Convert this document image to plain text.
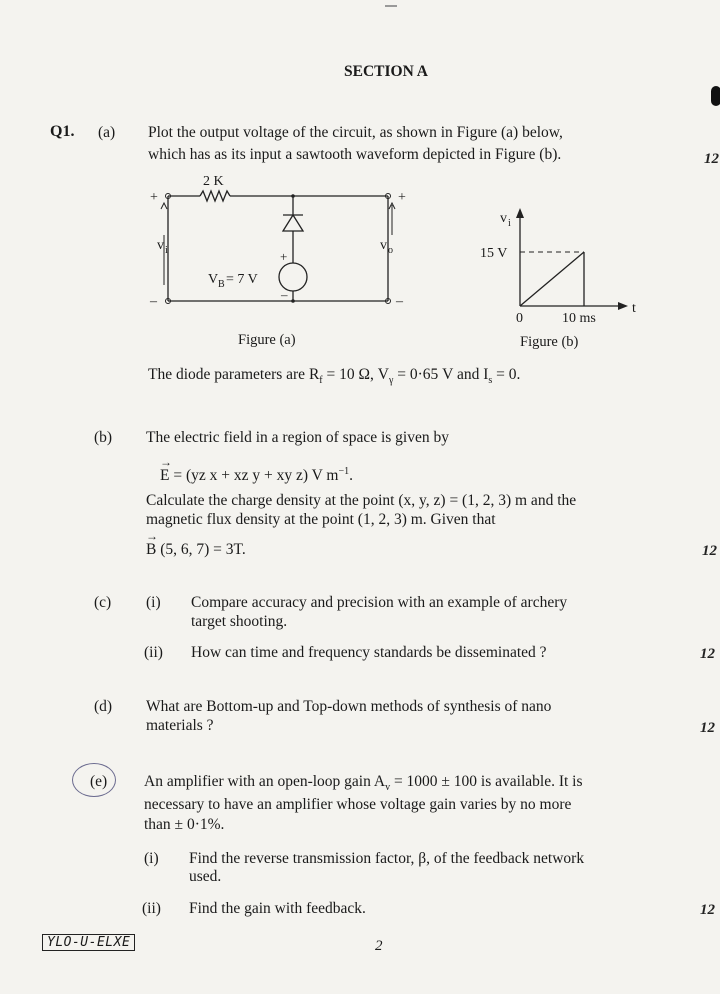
SECTION A
Q1. (a) Plot the output voltage of the circuit, as shown in Figure (a) below,
which has as its input a sawtooth waveform depicted in Figure (b).	12
2 K
+	+
–	–
v i	v o
+
–
V B = 7 V
Figure (a)
v i
15 V
0	10 ms
t
Figure (b)
The diode parameters are $R_f = 10$ Ω, $V_\gamma = 0\cdot 65$ V and $I_s = 0$.
(b) The electric field in a region of space is given by
→ E = (yz x + xz y + xy z) V $m^{-1}$.
Calculate the charge density at the point (x, y, z) = (1, 2, 3) m and the
magnetic flux density at the point (1, 2, 3) m. Given that
→ B (5, 6, 7) = 3T.	12
(c) (i) Compare accuracy and precision with an example of archery
target shooting.
(ii) How can time and frequency standards be disseminated ?	12
(d) What are Bottom-up and Top-down methods of synthesis of nano
materials ?	12
(e) An amplifier with an open-loop gain $A_v = 1000 \pm 100$ is available. It is
necessary to have an amplifier whose voltage gain varies by no more
than ± 0·1%.
(i) Find the reverse transmission factor, β, of the feedback network
used.
(ii) Find the gain with feedback.	12
YLO-U-ELXE	2
